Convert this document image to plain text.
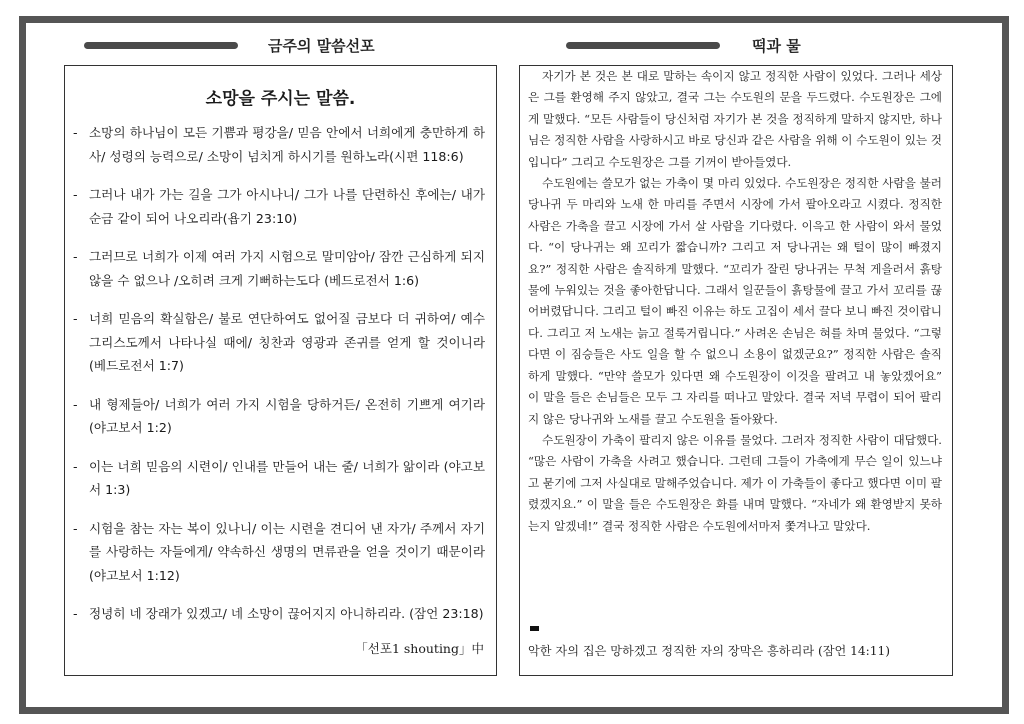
금주의 말씀선포	떡과 물
소망을 주시는 말씀.
- 소망의 하나님이 모든 기쁨과 평강을/ 믿음 안에서 너희에게 충만하게 하사/ 성령의 능력으로/ 소망이 넘치게 하시기를 원하노라(시편 118:6)
- 그러나 내가 가는 길을 그가 아시나니/ 그가 나를 단련하신 후에는/ 내가 순금 같이 되어 나오리라(욥기 23:10)
- 그러므로 너희가 이제 여러 가지 시험으로 말미암아/ 잠깐 근심하게 되지 않을 수 없으나 /오히려 크게 기뻐하는도다 (베드로전서 1:6)
- 너희 믿음의 확실함은/ 불로 연단하여도 없어질 금보다 더 귀하여/ 예수 그리스도께서 나타나실 때에/ 칭찬과 영광과 존귀를 얻게 할 것이니라 (베드로전서 1:7)
- 내 형제들아/ 너희가 여러 가지 시험을 당하거든/ 온전히 기쁘게 여기라 (야고보서 1:2)
- 이는 너희 믿음의 시련이/ 인내를 만들어 내는 줄/ 너희가 앎이라 (야고보서 1:3)
- 시험을 참는 자는 복이 있나니/ 이는 시련을 견디어 낸 자가/ 주께서 자기를 사랑하는 자들에게/ 약속하신 생명의 면류관을 얻을 것이기 때문이라 (야고보서 1:12)
- 정녕히 네 장래가 있겠고/ 네 소망이 끊어지지 아니하리라. (잠언 23:18)
「선포1 shouting」中

자기가 본 것은 본 대로 말하는 속이지 않고 정직한 사람이 있었다. 그러나 세상은 그를 환영해 주지 않았고, 결국 그는 수도원의 문을 두드렸다. 수도원장은 그에게 말했다. “모든 사람들이 당신처럼 자기가 본 것을 정직하게 말하지 않지만, 하나님은 정직한 사람을 사랑하시고 바로 당신과 같은 사람을 위해 이 수도원이 있는 것입니다” 그리고 수도원장은 그를 기꺼이 받아들였다.

수도원에는 쓸모가 없는 가축이 몇 마리 있었다. 수도원장은 정직한 사람을 불러 당나귀 두 마리와 노새 한 마리를 주면서 시장에 가서 팔아오라고 시켰다. 정직한 사람은 가축을 끌고 시장에 가서 살 사람을 기다렸다. 이윽고 한 사람이 와서 물었다. “이 당나귀는 왜 꼬리가 짧습니까? 그리고 저 당나귀는 왜 털이 많이 빠졌지요?” 정직한 사람은 솔직하게 말했다. “꼬리가 잘린 당나귀는 무척 게을러서 흙탕물에 누워있는 것을 좋아한답니다. 그래서 일꾼들이 흙탕물에 끌고 가서 꼬리를 끊어버렸답니다. 그리고 털이 빠진 이유는 하도 고집이 세서 끌다 보니 빠진 것이랍니다. 그리고 저 노새는 늙고 절룩거립니다.” 사려온 손님은 혀를 차며 물었다. “그렇다면 이 짐승들은 사도 일을 할 수 없으니 소용이 없겠군요?” 정직한 사람은 솔직하게 말했다. “만약 쓸모가 있다면 왜 수도원장이 이것을 팔려고 내 놓았겠어요” 이 말을 들은 손님들은 모두 그 자리를 떠나고 말았다. 결국 저녁 무렵이 되어 팔리지 않은 당나귀와 노새를 끌고 수도원을 돌아왔다.

수도원장이 가축이 팔리지 않은 이유를 물었다. 그러자 정직한 사람이 대답했다. “많은 사람이 가축을 사려고 했습니다. 그런데 그들이 가축에게 무슨 일이 있느냐고 묻기에 그저 사실대로 말해주었습니다. 제가 이 가축들이 좋다고 했다면 이미 팔렸겠지요.” 이 말을 들은 수도원장은 화를 내며 말했다. “자네가 왜 환영받지 못하는지 알겠네!” 결국 정직한 사람은 수도원에서마저 쫓겨나고 말았다.

악한 자의 집은 망하겠고 정직한 자의 장막은 흥하리라 (잠언 14:11)
